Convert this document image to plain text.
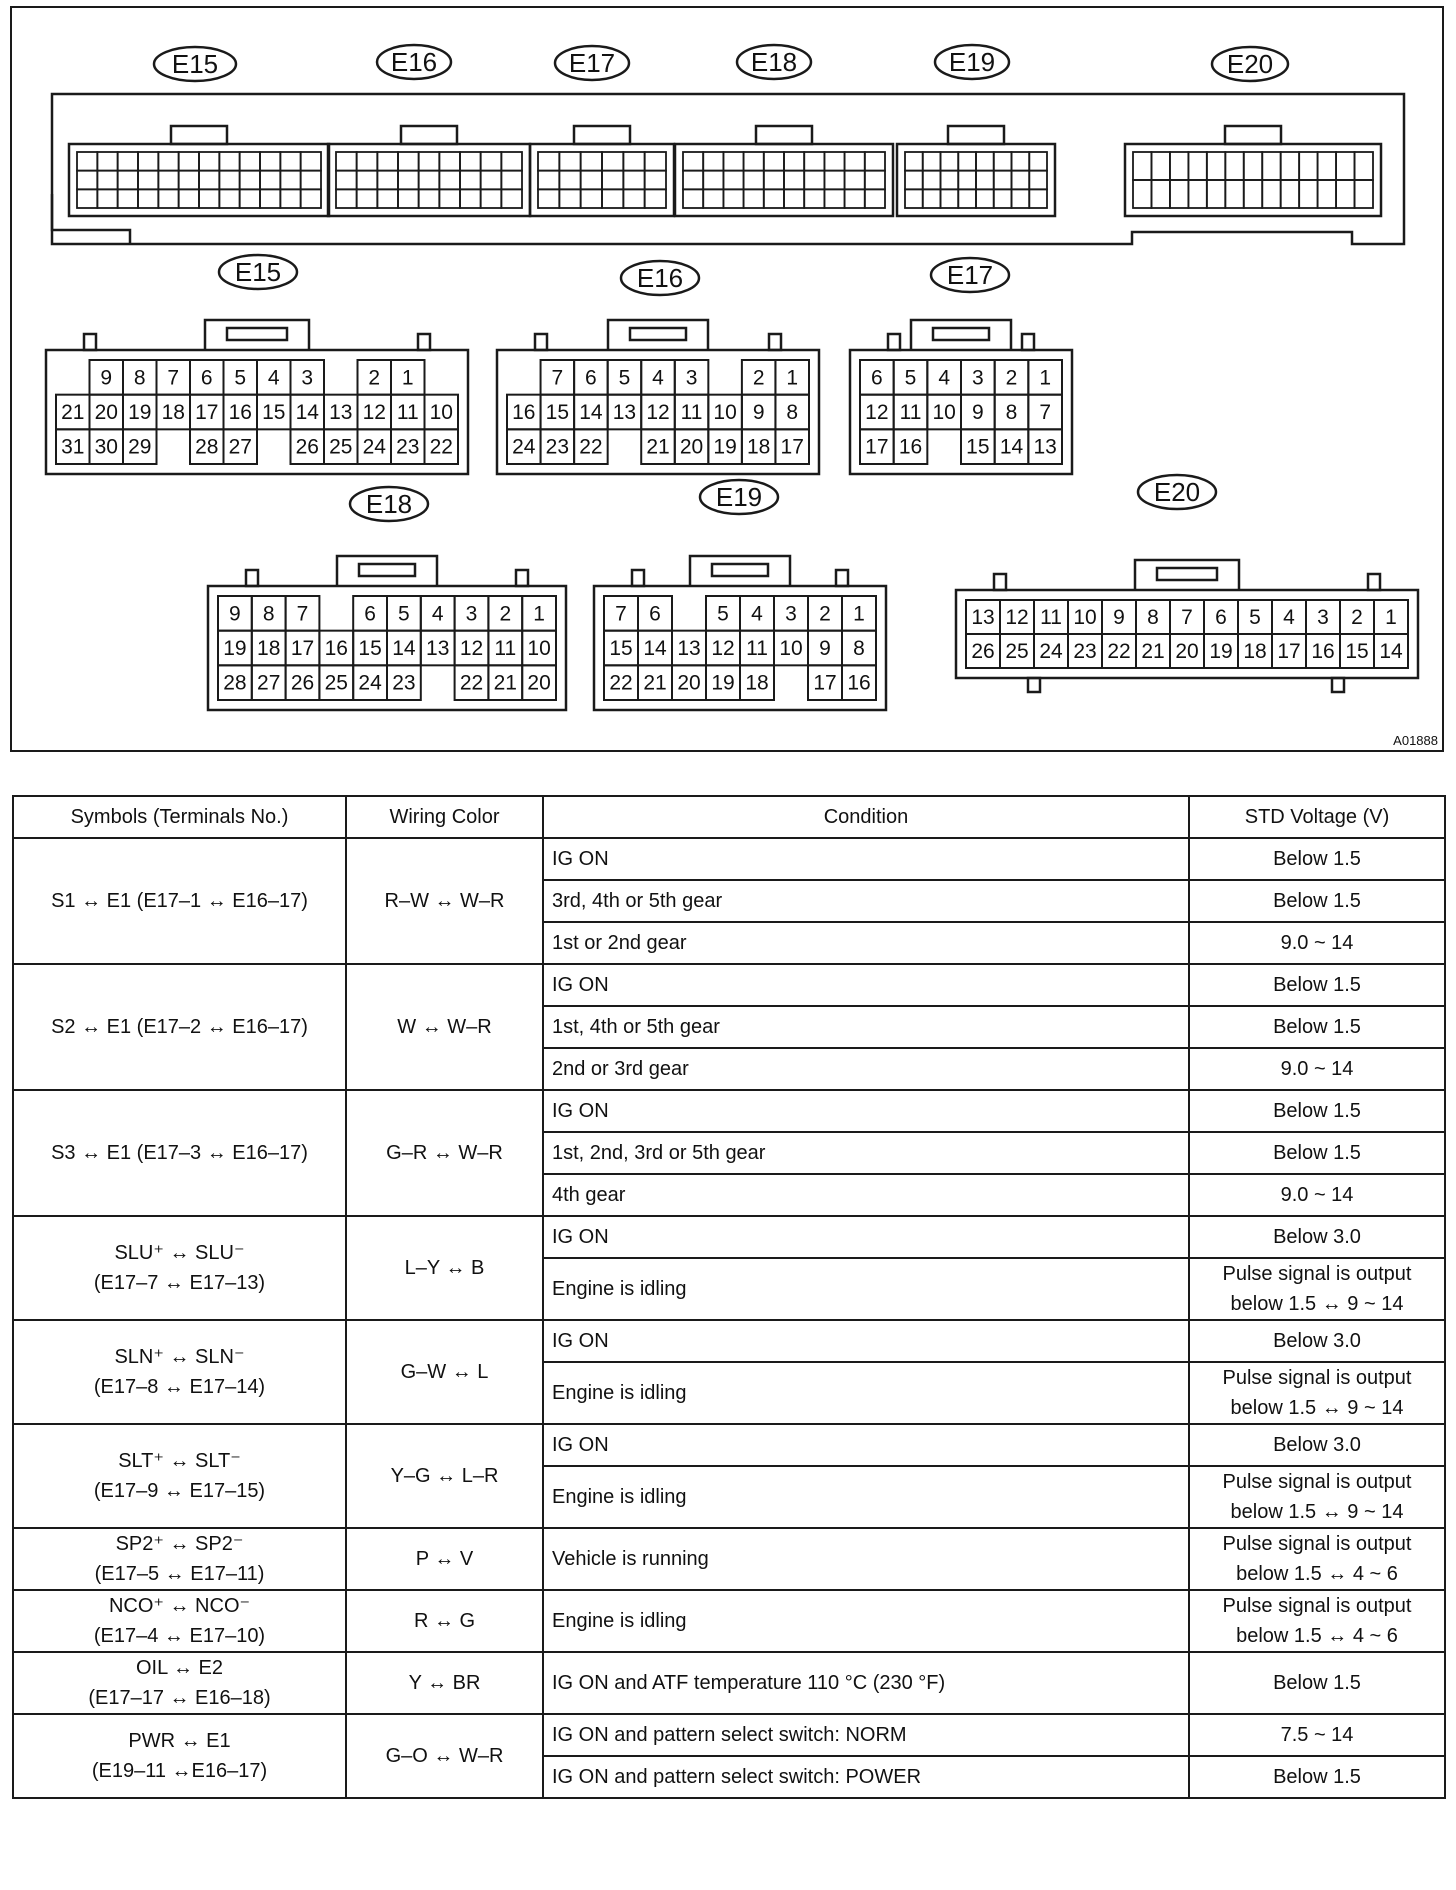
E15	E16	E17	E18	E19	E20
E15
9 8 7 6 5 4 3	2 1
21 20 19 18 17 16 15 14 13 12 11 10
31 30 29 28 27 26 25 24 23 22
E16
7 6 5 4 3	2 1
16 15 14 13 12 11 10 9 8
24 23 22 21 20 19 18 17
E17
6 5 4 3 2 1
12 11 10 9 8 7
17 16 15 14 13
E18
9 8 7	6 5 4 3 2 1
19 18 17 16 15 14 13 12 11 10
28 27 26 25 24 23 22 21 20
E19
7 6	5 4 3 2 1
15 14 13 12 11 10 9 8
22 21 20 19 18 17 16
E20
13 12 11 10 9 8 7 6 5 4 3 2 1
26 25 24 23 22 21 20 19 18 17 16 15 14
A01888
Symbols (Terminals No.)	Wiring Color	Condition	STD Voltage (V)
S1 ↔ E1 (E17–1 ↔ E16–17)	R–W ↔ W–R	IG ON	Below 1.5
		3rd, 4th or 5th gear	Below 1.5
		1st or 2nd gear	9.0 ~ 14
S2 ↔ E1 (E17–2 ↔ E16–17)	W ↔ W–R	IG ON	Below 1.5
		1st, 4th or 5th gear	Below 1.5
		2nd or 3rd gear	9.0 ~ 14
S3 ↔ E1 (E17–3 ↔ E16–17)	G–R ↔ W–R	IG ON	Below 1.5
		1st, 2nd, 3rd or 5th gear	Below 1.5
		4th gear	9.0 ~ 14
SLU⁺ ↔ SLU⁻
(E17–7 ↔ E17–13)	L–Y ↔ B	IG ON	Below 3.0
		Engine is idling	Pulse signal is output
below 1.5 ↔ 9 ~ 14
SLN⁺ ↔ SLN⁻
(E17–8 ↔ E17–14)	G–W ↔ L	IG ON	Below 3.0
		Engine is idling	Pulse signal is output
below 1.5 ↔ 9 ~ 14
SLT⁺ ↔ SLT⁻
(E17–9 ↔ E17–15)	Y–G ↔ L–R	IG ON	Below 3.0
		Engine is idling	Pulse signal is output
below 1.5 ↔ 9 ~ 14
SP2⁺ ↔ SP2⁻
(E17–5 ↔ E17–11)	P ↔ V	Vehicle is running	Pulse signal is output
below 1.5 ↔ 4 ~ 6
NCO⁺ ↔ NCO⁻
(E17–4 ↔ E17–10)	R ↔ G	Engine is idling	Pulse signal is output
below 1.5 ↔ 4 ~ 6
OIL ↔ E2
(E17–17 ↔ E16–18)	Y ↔ BR	IG ON and ATF temperature 110 °C (230 °F)	Below 1.5
PWR ↔ E1
(E19–11 ↔E16–17)	G–O ↔ W–R	IG ON and pattern select switch: NORM	7.5 ~ 14
		IG ON and pattern select switch: POWER	Below 1.5
